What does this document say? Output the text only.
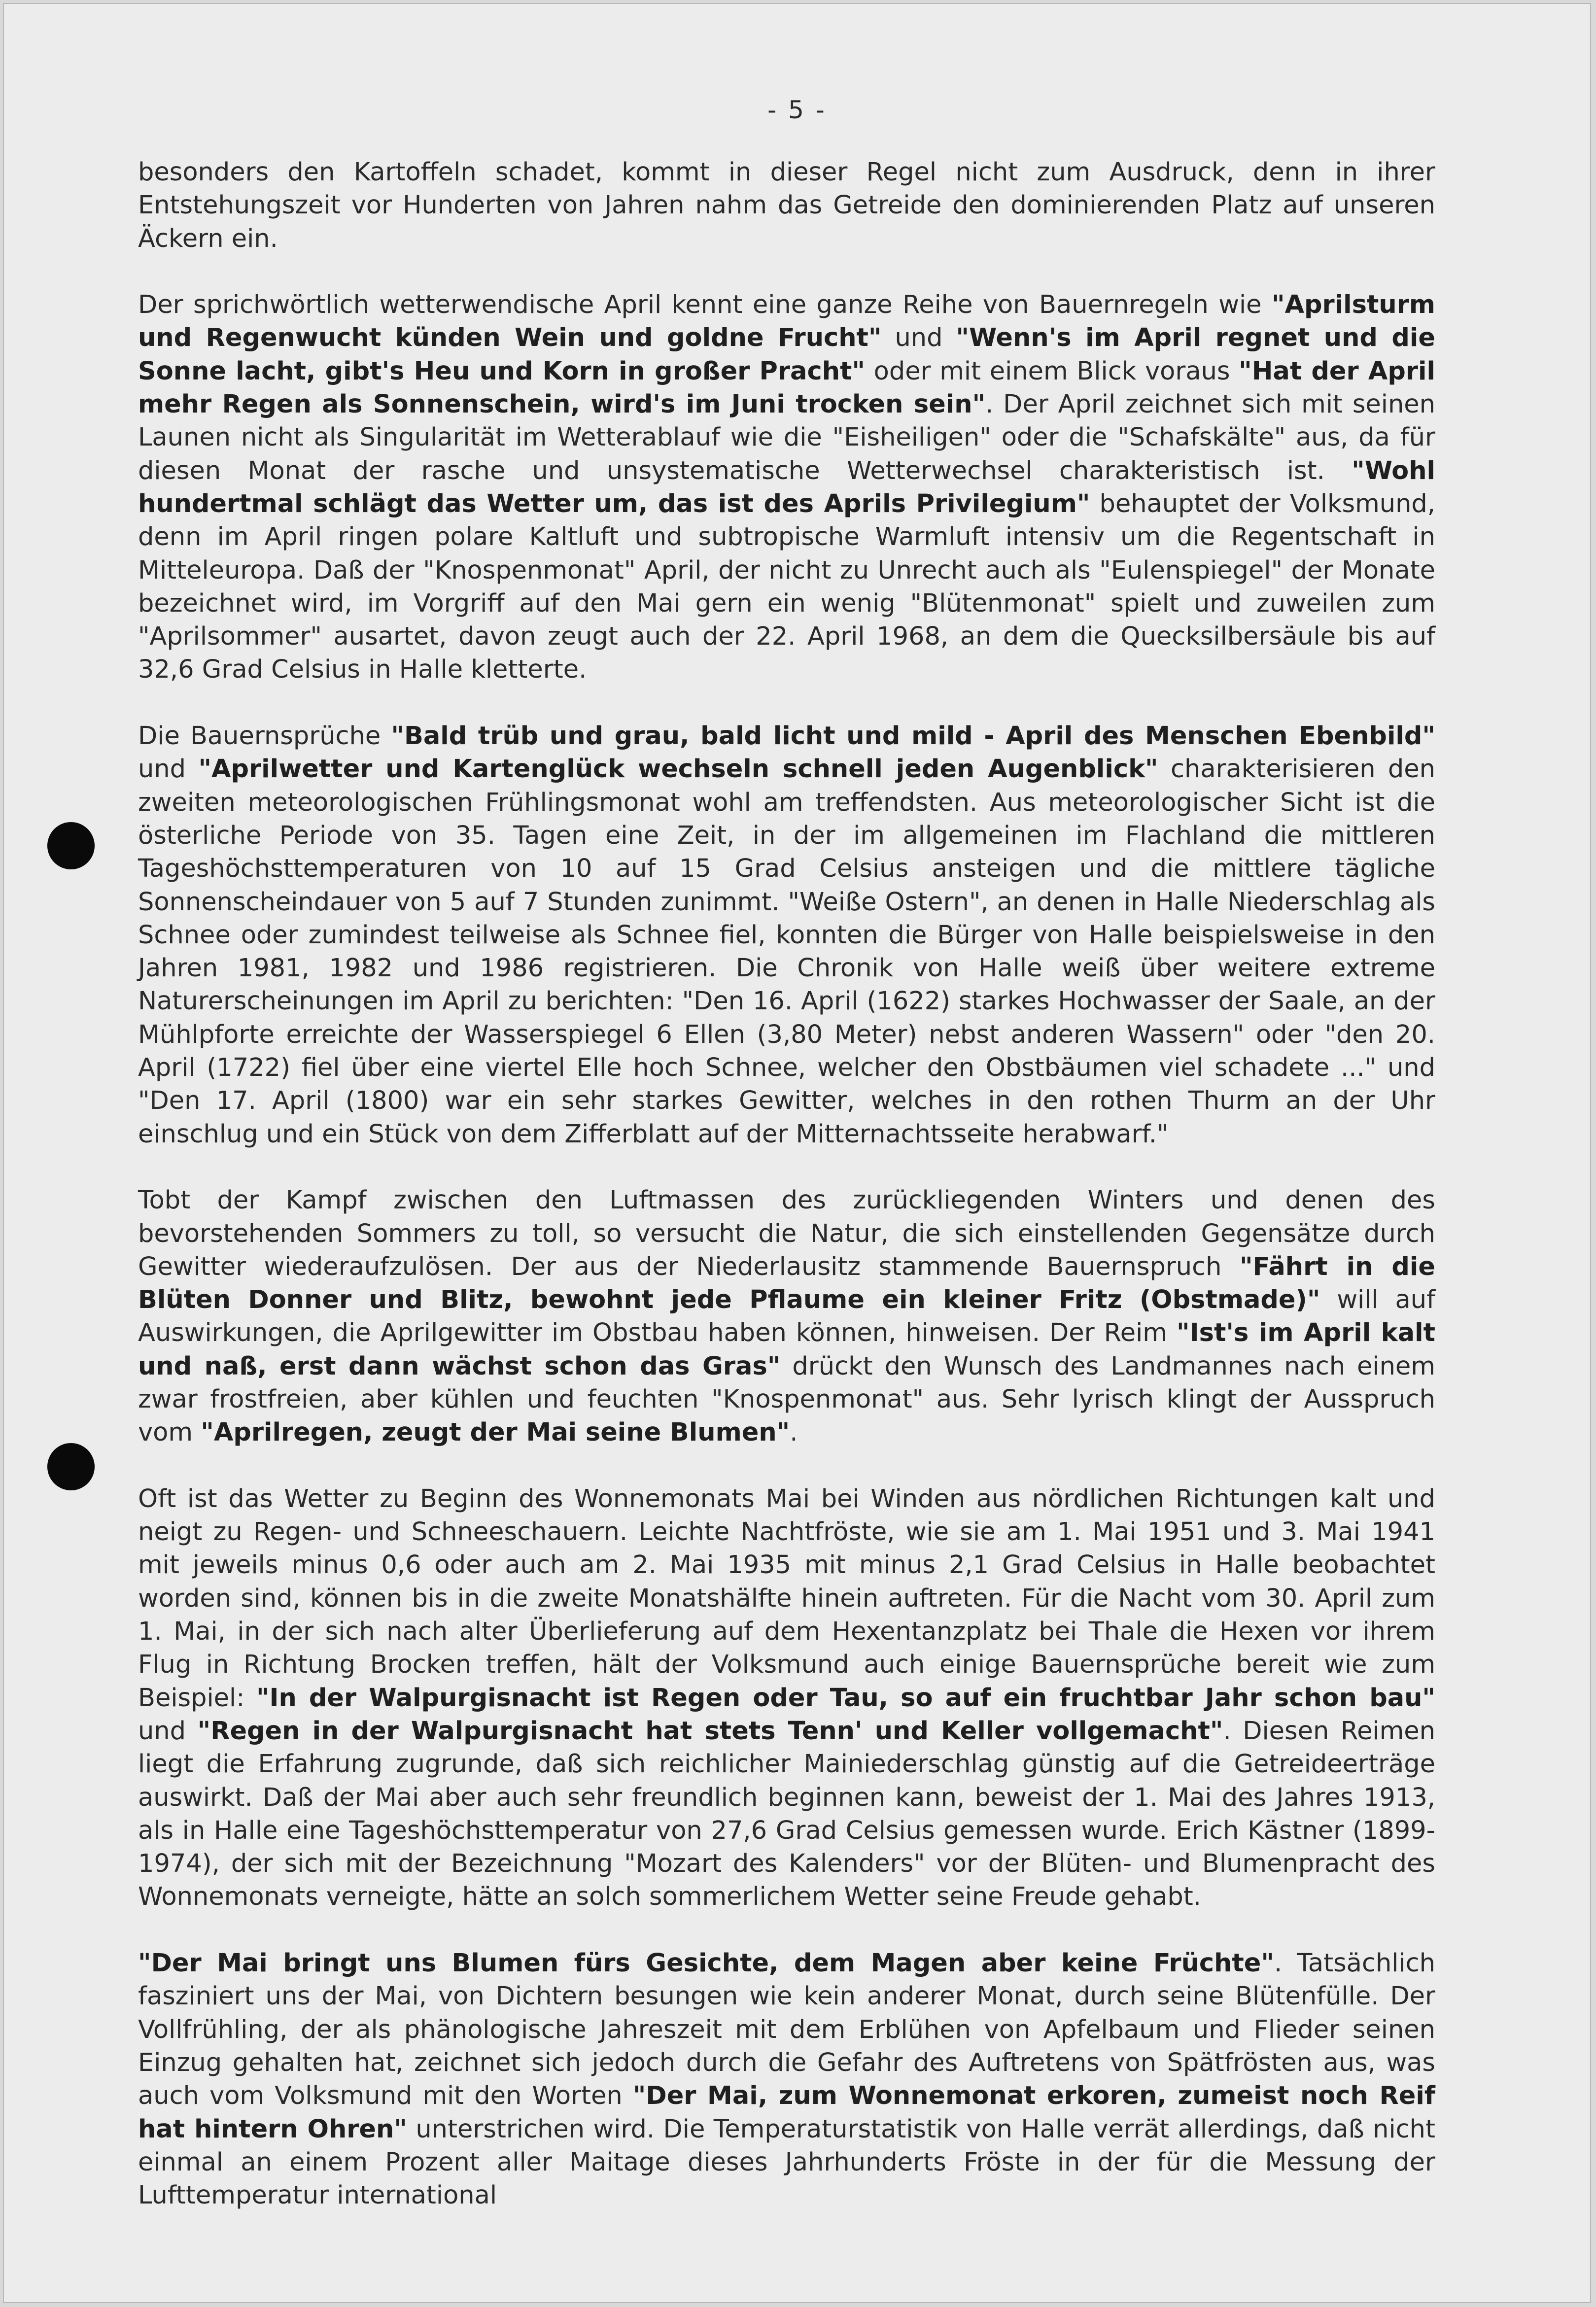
- 5 -

besonders den Kartoffeln schadet, kommt in dieser Regel nicht zum Ausdruck, denn in ihrer Entstehungszeit vor Hunderten von Jahren nahm das Getreide den dominierenden Platz auf unseren Äckern ein.

Der sprichwörtlich wetterwendische April kennt eine ganze Reihe von Bauernregeln wie "Aprilsturm und Regenwucht künden Wein und goldne Frucht" und "Wenn's im April regnet und die Sonne lacht, gibt's Heu und Korn in großer Pracht" oder mit einem Blick voraus "Hat der April mehr Regen als Sonnenschein, wird's im Juni trocken sein". Der April zeichnet sich mit seinen Launen nicht als Singularität im Wetterablauf wie die "Eisheiligen" oder die "Schafskälte" aus, da für diesen Monat der rasche und unsystematische Wetterwechsel charakteristisch ist. "Wohl hundertmal schlägt das Wetter um, das ist des Aprils Privilegium" behauptet der Volksmund, denn im April ringen polare Kaltluft und subtropische Warmluft intensiv um die Regentschaft in Mitteleuropa. Daß der "Knospenmonat" April, der nicht zu Unrecht auch als "Eulenspiegel" der Monate bezeichnet wird, im Vorgriff auf den Mai gern ein wenig "Blütenmonat" spielt und zuweilen zum "Aprilsommer" ausartet, davon zeugt auch der 22. April 1968, an dem die Quecksilbersäule bis auf 32,6 Grad Celsius in Halle kletterte.

Die Bauernsprüche "Bald trüb und grau, bald licht und mild - April des Menschen Ebenbild" und "Aprilwetter und Kartenglück wechseln schnell jeden Augenblick" charakterisieren den zweiten meteorologischen Frühlingsmonat wohl am treffendsten. Aus meteorologischer Sicht ist die österliche Periode von 35. Tagen eine Zeit, in der im allgemeinen im Flachland die mittleren Tageshöchsttemperaturen von 10 auf 15 Grad Celsius ansteigen und die mittlere tägliche Sonnenscheindauer von 5 auf 7 Stunden zunimmt. "Weiße Ostern", an denen in Halle Niederschlag als Schnee oder zumindest teilweise als Schnee fiel, konnten die Bürger von Halle beispielsweise in den Jahren 1981, 1982 und 1986 registrieren. Die Chronik von Halle weiß über weitere extreme Naturerscheinungen im April zu berichten: "Den 16. April (1622) starkes Hochwasser der Saale, an der Mühlpforte erreichte der Wasserspiegel 6 Ellen (3,80 Meter) nebst anderen Wassern" oder "den 20. April (1722) fiel über eine viertel Elle hoch Schnee, welcher den Obstbäumen viel schadete ..." und "Den 17. April (1800) war ein sehr starkes Gewitter, welches in den rothen Thurm an der Uhr einschlug und ein Stück von dem Zifferblatt auf der Mitternachtsseite herabwarf."

Tobt der Kampf zwischen den Luftmassen des zurückliegenden Winters und denen des bevorstehenden Sommers zu toll, so versucht die Natur, die sich einstellenden Gegensätze durch Gewitter wiederaufzulösen. Der aus der Niederlausitz stammende Bauernspruch "Fährt in die Blüten Donner und Blitz, bewohnt jede Pflaume ein kleiner Fritz (Obstmade)" will auf Auswirkungen, die Aprilgewitter im Obstbau haben können, hinweisen. Der Reim "Ist's im April kalt und naß, erst dann wächst schon das Gras" drückt den Wunsch des Landmannes nach einem zwar frostfreien, aber kühlen und feuchten "Knospenmonat" aus. Sehr lyrisch klingt der Ausspruch vom "Aprilregen, zeugt der Mai seine Blumen".

Oft ist das Wetter zu Beginn des Wonnemonats Mai bei Winden aus nördlichen Richtungen kalt und neigt zu Regen- und Schneeschauern. Leichte Nachtfröste, wie sie am 1. Mai 1951 und 3. Mai 1941 mit jeweils minus 0,6 oder auch am 2. Mai 1935 mit minus 2,1 Grad Celsius in Halle beobachtet worden sind, können bis in die zweite Monatshälfte hinein auftreten. Für die Nacht vom 30. April zum 1. Mai, in der sich nach alter Überlieferung auf dem Hexentanzplatz bei Thale die Hexen vor ihrem Flug in Richtung Brocken treffen, hält der Volksmund auch einige Bauernsprüche bereit wie zum Beispiel: "In der Walpurgisnacht ist Regen oder Tau, so auf ein fruchtbar Jahr schon bau" und "Regen in der Walpurgisnacht hat stets Tenn' und Keller vollgemacht". Diesen Reimen liegt die Erfahrung zugrunde, daß sich reichlicher Mainiederschlag günstig auf die Getreideerträge auswirkt. Daß der Mai aber auch sehr freundlich beginnen kann, beweist der 1. Mai des Jahres 1913, als in Halle eine Tageshöchsttemperatur von 27,6 Grad Celsius gemessen wurde. Erich Kästner (1899-1974), der sich mit der Bezeichnung "Mozart des Kalenders" vor der Blüten- und Blumenpracht des Wonnemonats verneigte, hätte an solch sommerlichem Wetter seine Freude gehabt.

"Der Mai bringt uns Blumen fürs Gesichte, dem Magen aber keine Früchte". Tatsächlich fasziniert uns der Mai, von Dichtern besungen wie kein anderer Monat, durch seine Blütenfülle. Der Vollfrühling, der als phänologische Jahreszeit mit dem Erblühen von Apfelbaum und Flieder seinen Einzug gehalten hat, zeichnet sich jedoch durch die Gefahr des Auftretens von Spätfrösten aus, was auch vom Volksmund mit den Worten "Der Mai, zum Wonnemonat erkoren, zumeist noch Reif hat hintern Ohren" unterstrichen wird. Die Temperaturstatistik von Halle verrät allerdings, daß nicht einmal an einem Prozent aller Maitage dieses Jahrhunderts Fröste in der für die Messung der Lufttemperatur international
